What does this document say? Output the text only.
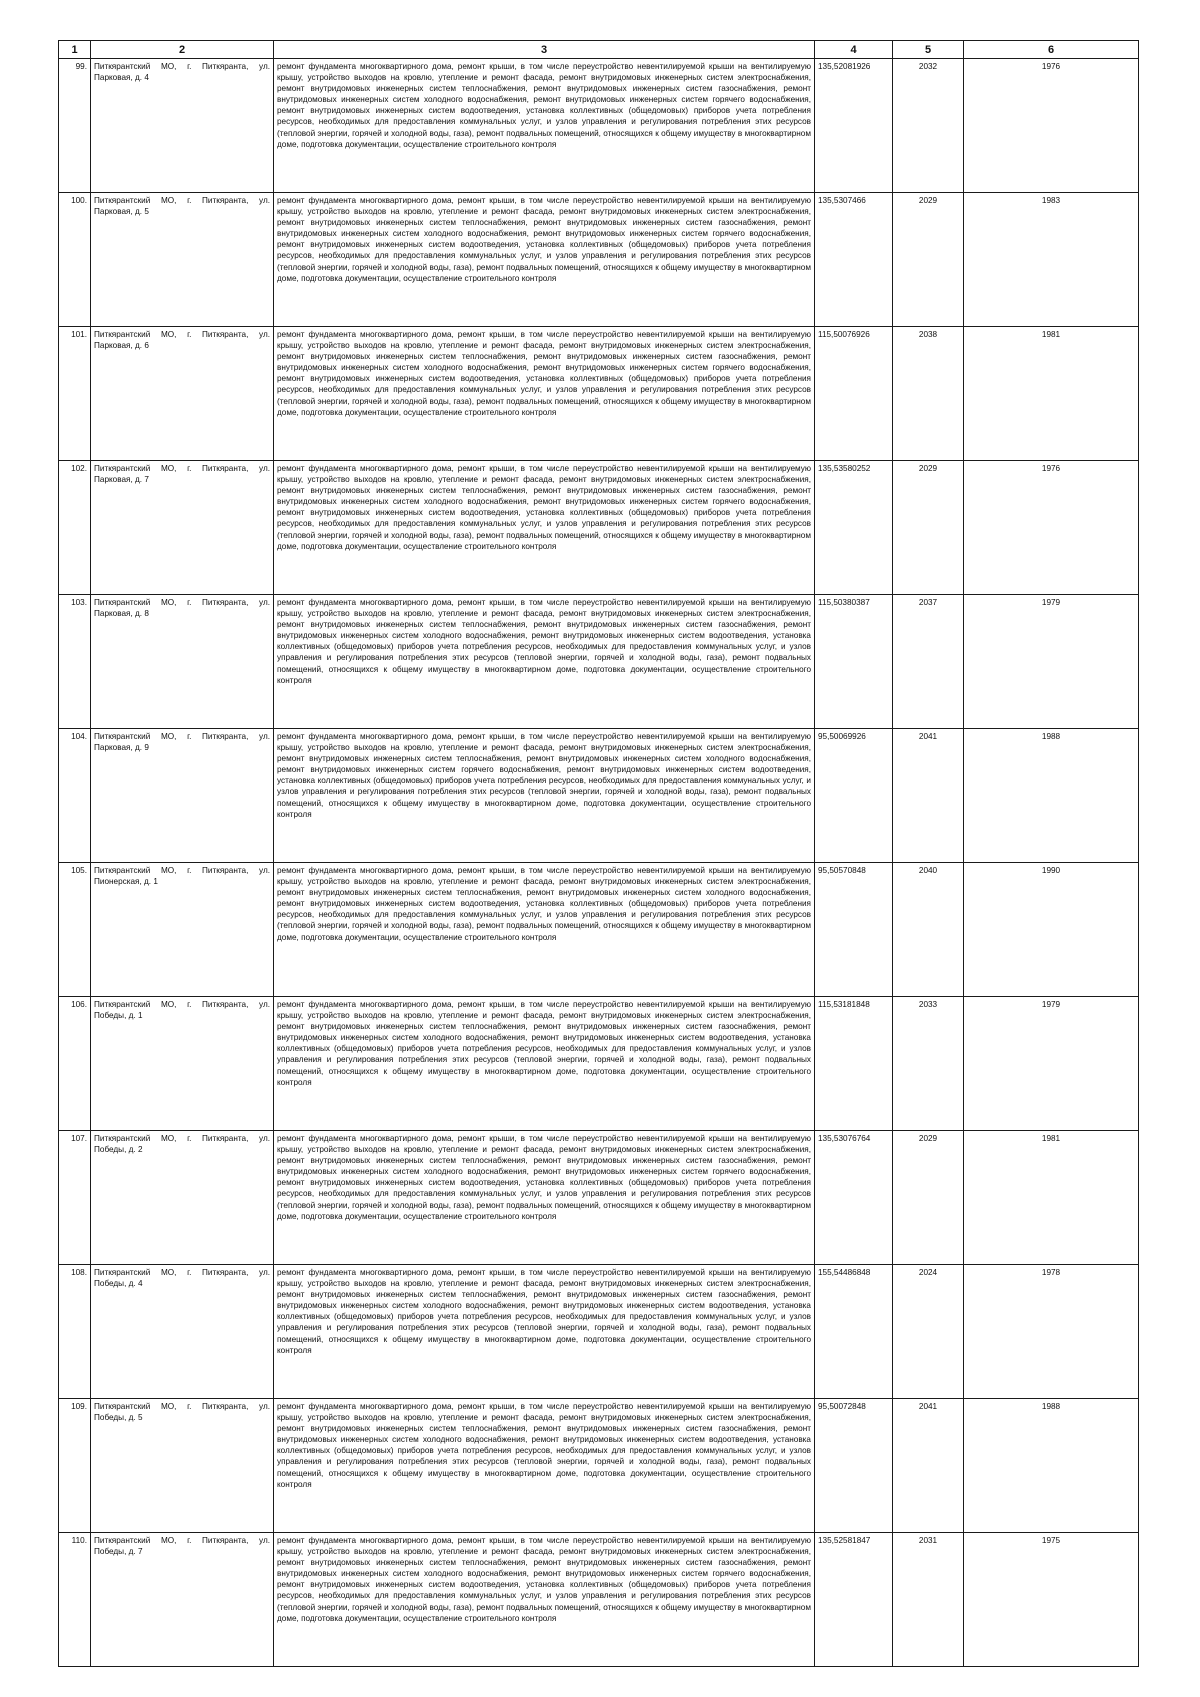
1	2	3	4	5	6
99.	Питкярантский МО, г. Питкяранта, ул. Парковая, д. 4	ремонт фундамента многоквартирного дома, ремонт крыши, в том числе переустройство невентилируемой крыши на вентилируемую крышу, устройство выходов на кровлю, утепление и ремонт фасада, ремонт внутридомовых инженерных систем электроснабжения, ремонт внутридомовых инженерных систем теплоснабжения, ремонт внутридомовых инженерных систем газоснабжения, ремонт внутридомовых инженерных систем холодного водоснабжения, ремонт внутридомовых инженерных систем горячего водоснабжения, ремонт внутридомовых инженерных систем водоотведения, установка коллективных (общедомовых) приборов учета потребления ресурсов, необходимых для предоставления коммунальных услуг, и узлов управления и регулирования потребления этих ресурсов (тепловой энергии, горячей и холодной воды, газа), ремонт подвальных помещений, относящихся к общему имуществу в многоквартирном доме, подготовка документации, осуществление строительного контроля	135,52081926	2032	1976
100.	Питкярантский МО, г. Питкяранта, ул. Парковая, д. 5	ремонт фундамента многоквартирного дома, ремонт крыши, в том числе переустройство невентилируемой крыши на вентилируемую крышу, устройство выходов на кровлю, утепление и ремонт фасада, ремонт внутридомовых инженерных систем электроснабжения, ремонт внутридомовых инженерных систем теплоснабжения, ремонт внутридомовых инженерных систем газоснабжения, ремонт внутридомовых инженерных систем холодного водоснабжения, ремонт внутридомовых инженерных систем горячего водоснабжения, ремонт внутридомовых инженерных систем водоотведения, установка коллективных (общедомовых) приборов учета потребления ресурсов, необходимых для предоставления коммунальных услуг, и узлов управления и регулирования потребления этих ресурсов (тепловой энергии, горячей и холодной воды, газа), ремонт подвальных помещений, относящихся к общему имуществу в многоквартирном доме, подготовка документации, осуществление строительного контроля	135,5307466	2029	1983
101.	Питкярантский МО, г. Питкяранта, ул. Парковая, д. 6	ремонт фундамента многоквартирного дома, ремонт крыши, в том числе переустройство невентилируемой крыши на вентилируемую крышу, устройство выходов на кровлю, утепление и ремонт фасада, ремонт внутридомовых инженерных систем электроснабжения, ремонт внутридомовых инженерных систем теплоснабжения, ремонт внутридомовых инженерных систем газоснабжения, ремонт внутридомовых инженерных систем холодного водоснабжения, ремонт внутридомовых инженерных систем горячего водоснабжения, ремонт внутридомовых инженерных систем водоотведения, установка коллективных (общедомовых) приборов учета потребления ресурсов, необходимых для предоставления коммунальных услуг, и узлов управления и регулирования потребления этих ресурсов (тепловой энергии, горячей и холодной воды, газа), ремонт подвальных помещений, относящихся к общему имуществу в многоквартирном доме, подготовка документации, осуществление строительного контроля	115,50076926	2038	1981
102.	Питкярантский МО, г. Питкяранта, ул. Парковая, д. 7	ремонт фундамента многоквартирного дома, ремонт крыши, в том числе переустройство невентилируемой крыши на вентилируемую крышу, устройство выходов на кровлю, утепление и ремонт фасада, ремонт внутридомовых инженерных систем электроснабжения, ремонт внутридомовых инженерных систем теплоснабжения, ремонт внутридомовых инженерных систем газоснабжения, ремонт внутридомовых инженерных систем холодного водоснабжения, ремонт внутридомовых инженерных систем горячего водоснабжения, ремонт внутридомовых инженерных систем водоотведения, установка коллективных (общедомовых) приборов учета потребления ресурсов, необходимых для предоставления коммунальных услуг, и узлов управления и регулирования потребления этих ресурсов (тепловой энергии, горячей и холодной воды, газа), ремонт подвальных помещений, относящихся к общему имуществу в многоквартирном доме, подготовка документации, осуществление строительного контроля	135,53580252	2029	1976
103.	Питкярантский МО, г. Питкяранта, ул. Парковая, д. 8	ремонт фундамента многоквартирного дома, ремонт крыши, в том числе переустройство невентилируемой крыши на вентилируемую крышу, устройство выходов на кровлю, утепление и ремонт фасада, ремонт внутридомовых инженерных систем электроснабжения, ремонт внутридомовых инженерных систем теплоснабжения, ремонт внутридомовых инженерных систем газоснабжения, ремонт внутридомовых инженерных систем холодного водоснабжения, ремонт внутридомовых инженерных систем водоотведения, установка коллективных (общедомовых) приборов учета потребления ресурсов, необходимых для предоставления коммунальных услуг, и узлов управления и регулирования потребления этих ресурсов (тепловой энергии, горячей и холодной воды, газа), ремонт подвальных помещений, относящихся к общему имуществу в многоквартирном доме, подготовка документации, осуществление строительного контроля	115,50380387	2037	1979
104.	Питкярантский МО, г. Питкяранта, ул. Парковая, д. 9	ремонт фундамента многоквартирного дома, ремонт крыши, в том числе переустройство невентилируемой крыши на вентилируемую крышу, устройство выходов на кровлю, утепление и ремонт фасада, ремонт внутридомовых инженерных систем электроснабжения, ремонт внутридомовых инженерных систем теплоснабжения, ремонт внутридомовых инженерных систем холодного водоснабжения, ремонт внутридомовых инженерных систем горячего водоснабжения, ремонт внутридомовых инженерных систем водоотведения, установка коллективных (общедомовых) приборов учета потребления ресурсов, необходимых для предоставления коммунальных услуг, и узлов управления и регулирования потребления этих ресурсов (тепловой энергии, горячей и холодной воды, газа), ремонт подвальных помещений, относящихся к общему имуществу в многоквартирном доме, подготовка документации, осуществление строительного контроля	95,50069926	2041	1988
105.	Питкярантский МО, г. Питкяранта, ул. Пионерская, д. 1	ремонт фундамента многоквартирного дома, ремонт крыши, в том числе переустройство невентилируемой крыши на вентилируемую крышу, устройство выходов на кровлю, утепление и ремонт фасада, ремонт внутридомовых инженерных систем электроснабжения, ремонт внутридомовых инженерных систем теплоснабжения, ремонт внутридомовых инженерных систем холодного водоснабжения, ремонт внутридомовых инженерных систем водоотведения, установка коллективных (общедомовых) приборов учета потребления ресурсов, необходимых для предоставления коммунальных услуг, и узлов управления и регулирования потребления этих ресурсов (тепловой энергии, горячей и холодной воды, газа), ремонт подвальных помещений, относящихся к общему имуществу в многоквартирном доме, подготовка документации, осуществление строительного контроля	95,50570848	2040	1990
106.	Питкярантский МО, г. Питкяранта, ул. Победы, д. 1	ремонт фундамента многоквартирного дома, ремонт крыши, в том числе переустройство невентилируемой крыши на вентилируемую крышу, устройство выходов на кровлю, утепление и ремонт фасада, ремонт внутридомовых инженерных систем электроснабжения, ремонт внутридомовых инженерных систем теплоснабжения, ремонт внутридомовых инженерных систем газоснабжения, ремонт внутридомовых инженерных систем холодного водоснабжения, ремонт внутридомовых инженерных систем водоотведения, установка коллективных (общедомовых) приборов учета потребления ресурсов, необходимых для предоставления коммунальных услуг, и узлов управления и регулирования потребления этих ресурсов (тепловой энергии, горячей и холодной воды, газа), ремонт подвальных помещений, относящихся к общему имуществу в многоквартирном доме, подготовка документации, осуществление строительного контроля	115,53181848	2033	1979
107.	Питкярантский МО, г. Питкяранта, ул. Победы, д. 2	ремонт фундамента многоквартирного дома, ремонт крыши, в том числе переустройство невентилируемой крыши на вентилируемую крышу, устройство выходов на кровлю, утепление и ремонт фасада, ремонт внутридомовых инженерных систем электроснабжения, ремонт внутридомовых инженерных систем теплоснабжения, ремонт внутридомовых инженерных систем газоснабжения, ремонт внутридомовых инженерных систем холодного водоснабжения, ремонт внутридомовых инженерных систем горячего водоснабжения, ремонт внутридомовых инженерных систем водоотведения, установка коллективных (общедомовых) приборов учета потребления ресурсов, необходимых для предоставления коммунальных услуг, и узлов управления и регулирования потребления этих ресурсов (тепловой энергии, горячей и холодной воды, газа), ремонт подвальных помещений, относящихся к общему имуществу в многоквартирном доме, подготовка документации, осуществление строительного контроля	135,53076764	2029	1981
108.	Питкярантский МО, г. Питкяранта, ул. Победы, д. 4	ремонт фундамента многоквартирного дома, ремонт крыши, в том числе переустройство невентилируемой крыши на вентилируемую крышу, устройство выходов на кровлю, утепление и ремонт фасада, ремонт внутридомовых инженерных систем электроснабжения, ремонт внутридомовых инженерных систем теплоснабжения, ремонт внутридомовых инженерных систем газоснабжения, ремонт внутридомовых инженерных систем холодного водоснабжения, ремонт внутридомовых инженерных систем водоотведения, установка коллективных (общедомовых) приборов учета потребления ресурсов, необходимых для предоставления коммунальных услуг, и узлов управления и регулирования потребления этих ресурсов (тепловой энергии, горячей и холодной воды, газа), ремонт подвальных помещений, относящихся к общему имуществу в многоквартирном доме, подготовка документации, осуществление строительного контроля	155,54486848	2024	1978
109.	Питкярантский МО, г. Питкяранта, ул. Победы, д. 5	ремонт фундамента многоквартирного дома, ремонт крыши, в том числе переустройство невентилируемой крыши на вентилируемую крышу, устройство выходов на кровлю, утепление и ремонт фасада, ремонт внутридомовых инженерных систем электроснабжения, ремонт внутридомовых инженерных систем теплоснабжения, ремонт внутридомовых инженерных систем газоснабжения, ремонт внутридомовых инженерных систем холодного водоснабжения, ремонт внутридомовых инженерных систем водоотведения, установка коллективных (общедомовых) приборов учета потребления ресурсов, необходимых для предоставления коммунальных услуг, и узлов управления и регулирования потребления этих ресурсов (тепловой энергии, горячей и холодной воды, газа), ремонт подвальных помещений, относящихся к общему имуществу в многоквартирном доме, подготовка документации, осуществление строительного контроля	95,50072848	2041	1988
110.	Питкярантский МО, г. Питкяранта, ул. Победы, д. 7	ремонт фундамента многоквартирного дома, ремонт крыши, в том числе переустройство невентилируемой крыши на вентилируемую крышу, устройство выходов на кровлю, утепление и ремонт фасада, ремонт внутридомовых инженерных систем электроснабжения, ремонт внутридомовых инженерных систем теплоснабжения, ремонт внутридомовых инженерных систем газоснабжения, ремонт внутридомовых инженерных систем холодного водоснабжения, ремонт внутридомовых инженерных систем горячего водоснабжения, ремонт внутридомовых инженерных систем водоотведения, установка коллективных (общедомовых) приборов учета потребления ресурсов, необходимых для предоставления коммунальных услуг, и узлов управления и регулирования потребления этих ресурсов (тепловой энергии, горячей и холодной воды, газа), ремонт подвальных помещений, относящихся к общему имуществу в многоквартирном доме, подготовка документации, осуществление строительного контроля	135,52581847	2031	1975
